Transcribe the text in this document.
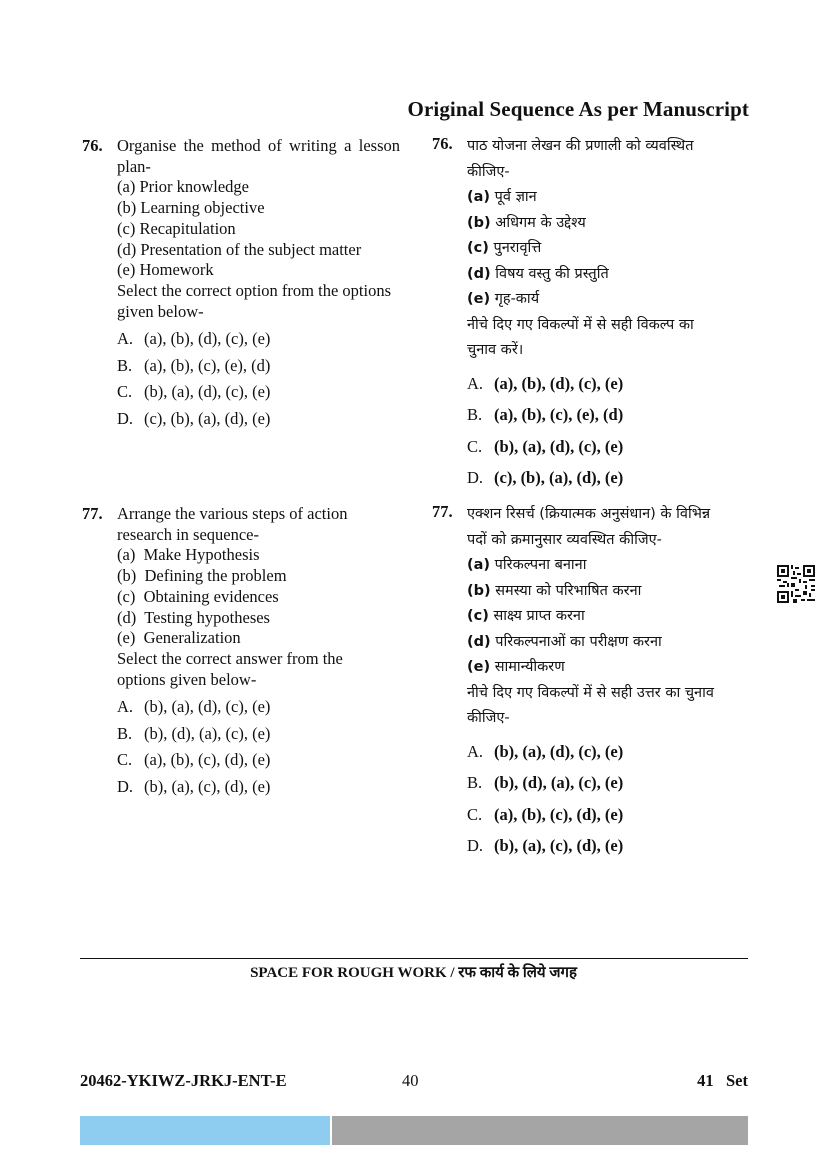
Original Sequence As per Manuscript
76. Organise the method of writing a lesson plan-
(a) Prior knowledge
(b) Learning objective
(c) Recapitulation
(d) Presentation of the subject matter
(e) Homework
Select the correct option from the options given below-
A. (a), (b), (d), (c), (e)
B. (a), (b), (c), (e), (d)
C. (b), (a), (d), (c), (e)
D. (c), (b), (a), (d), (e)
76. पाठ योजना लेखन की प्रणाली को व्यवस्थित
कीजिए-
(a) पूर्व ज्ञान
(b) अधिगम के उद्देश्य
(c) पुनरावृत्ति
(d) विषय वस्तु की प्रस्तुति
(e) गृह-कार्य
नीचे दिए गए विकल्पों में से सही विकल्प का
चुनाव करें।
A. (a), (b), (d), (c), (e)
B. (a), (b), (c), (e), (d)
C. (b), (a), (d), (c), (e)
D. (c), (b), (a), (d), (e)
77. Arrange the various steps of action research in sequence-
(a)  Make Hypothesis
(b)  Defining the problem
(c)  Obtaining evidences
(d)  Testing hypotheses
(e)  Generalization
Select the correct answer from the options given below-
A. (b), (a), (d), (c), (e)
B. (b), (d), (a), (c), (e)
C. (a), (b), (c), (d), (e)
D. (b), (a), (c), (d), (e)
77. एक्शन रिसर्च (क्रियात्मक अनुसंधान) के विभिन्न
पदों को क्रमानुसार व्यवस्थित कीजिए-
(a) परिकल्पना बनाना
(b) समस्या को परिभाषित करना
(c) साक्ष्य प्राप्त करना
(d) परिकल्पनाओं का परीक्षण करना
(e) सामान्यीकरण
नीचे दिए गए विकल्पों में से सही उत्तर का चुनाव
कीजिए-
A. (b), (a), (d), (c), (e)
B. (b), (d), (a), (c), (e)
C. (a), (b), (c), (d), (e)
D. (b), (a), (c), (d), (e)
SPACE FOR ROUGH WORK / रफ कार्य के लिये जगह
20462-YKIWZ-JRKJ-ENT-E	40	41   Set
